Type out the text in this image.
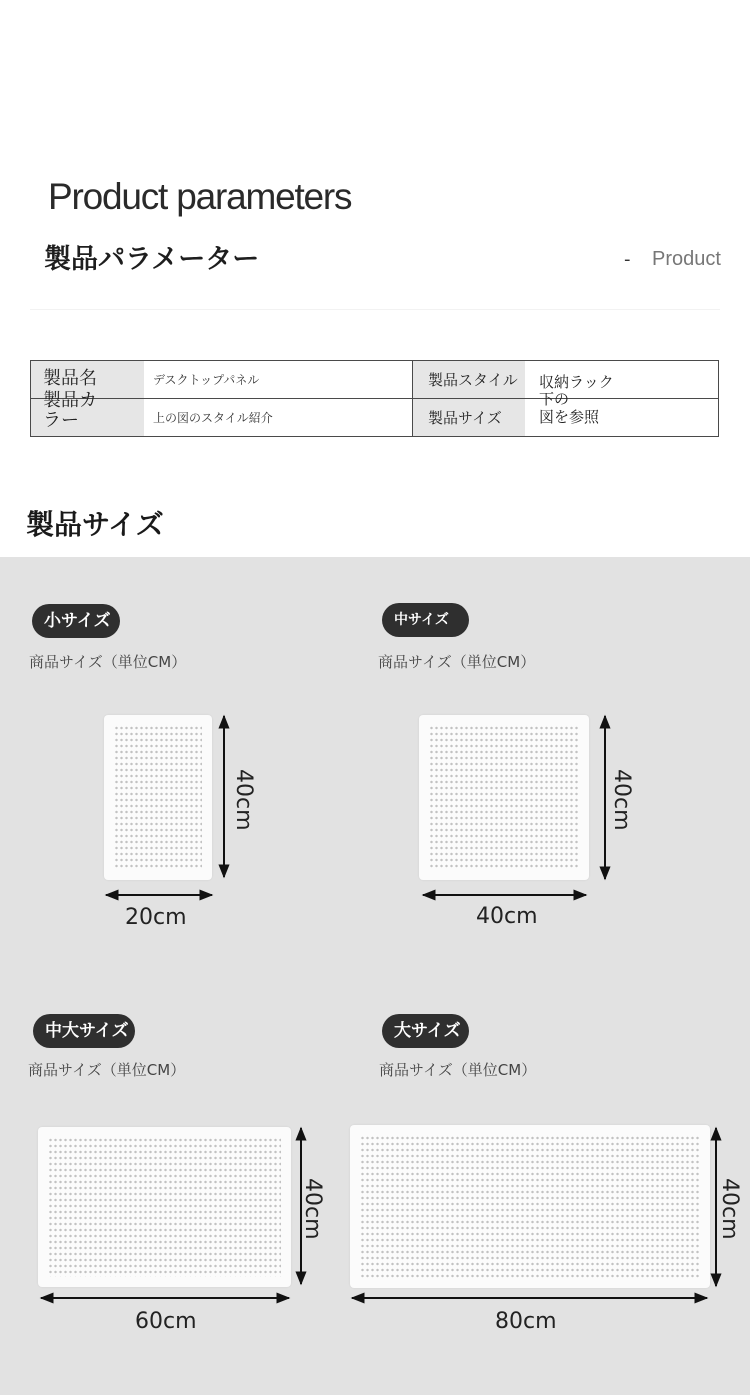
Product parameters
製品パラメーター	- Product
製品名	デスクトップパネル	製品スタイル 収納ラック 下の
製品カラー	上の図のスタイル紹介	製品サイズ 図を参照
製品サイズ
小サイズ
商品サイズ（単位CM）
中サイズ
商品サイズ（単位CM）
中大サイズ
商品サイズ（単位CM）
大サイズ
商品サイズ（単位CM）
40cm
20cm
40cm
40cm
40cm
60cm
40cm
80cm
